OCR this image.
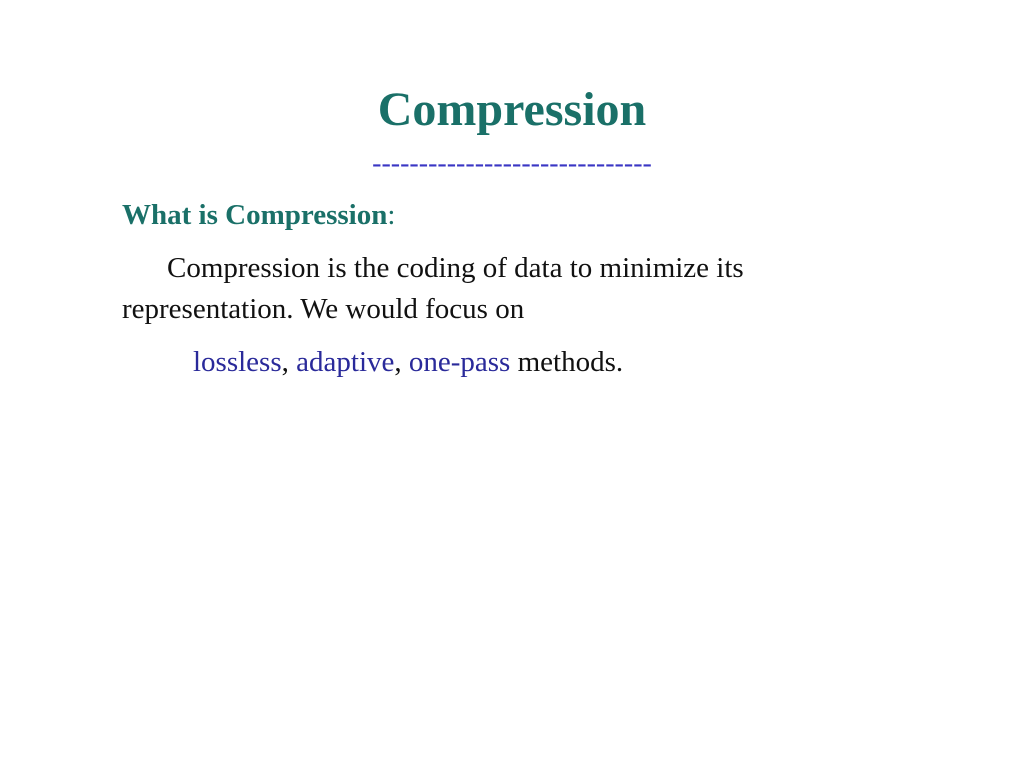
Compression
------------------------------
What is Compression:
Compression is the coding of data to minimize its
representation. We would focus on
lossless, adaptive, one-pass methods.
